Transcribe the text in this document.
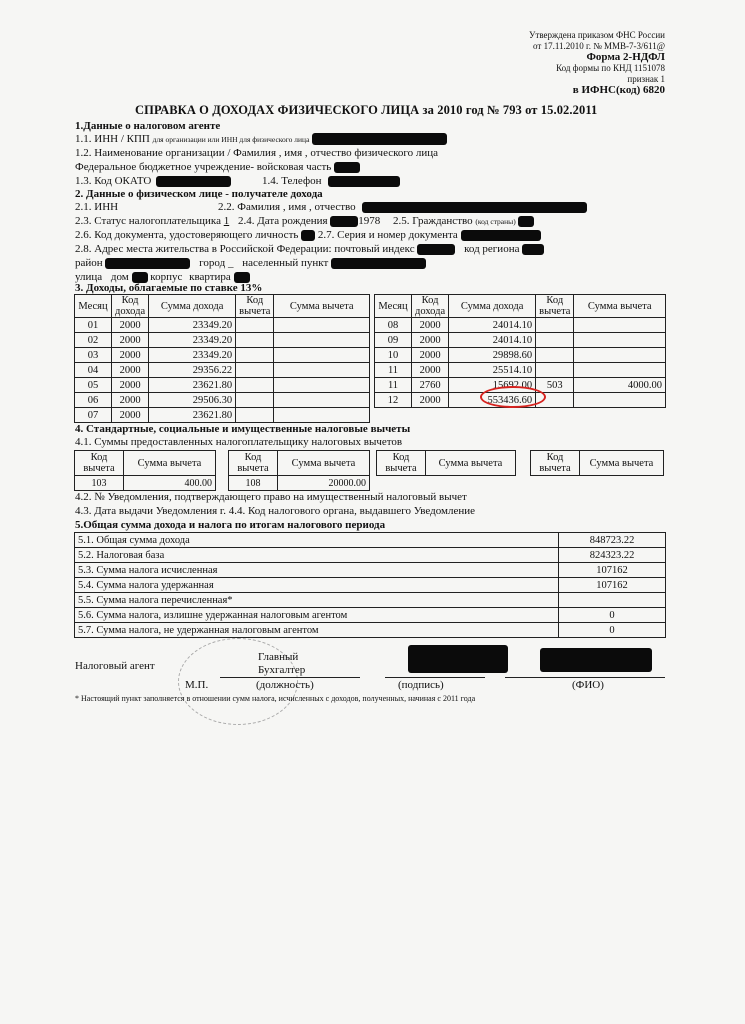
Утверждена приказом ФНС России
от 17.11.2010 г. № ММВ-7-3/611@
Форма 2-НДФЛ
Код формы по КНД 1151078
признак 1
в ИФНС(код) 6820
СПРАВКА О ДОХОДАХ ФИЗИЧЕСКОГО ЛИЦА за 2010 год № 793 от 15.02.2011
1.Данные о налоговом агенте
1.1. ИНН / КПП для организации или ИНН для физического лица
1.2. Наименование организации / Фамилия , имя , отчество физического лица
Федеральное бюджетное учреждение- войсковая часть
1.3. Код ОКАТО	1.4. Телефон
2. Данные о физическом лице - получателе дохода
2.1. ИНН	2.2. Фамилия , имя , отчество
2.3. Статус налогоплательщика 1 2.4. Дата рождения	1978 2.5. Гражданство (код страны)
2.6. Код документа, удостоверяющего личность 2.7. Серия и номер документа
2.8. Адрес места жительства в Российской Федерации: почтовый индекс	код региона
район	город _ населенный пункт
улица дом корпус квартира
3. Доходы, облагаемые по ставке 13%
Месяц	Код дохода	Сумма дохода	Код вычета	Сумма вычета
01	2000	23349.20		
02	2000	23349.20		
03	2000	23349.20		
04	2000	29356.22		
05	2000	23621.80		
06	2000	29506.30		
07	2000	23621.80		
Месяц	Код дохода	Сумма дохода	Код вычета	Сумма вычета
08	2000	24014.10		
09	2000	24014.10		
10	2000	29898.60		
11	2000	25514.10		
11	2760	15692.00	503	4000.00
12	2000	553436.60		
4. Стандартные, социальные и имущественные налоговые вычеты
4.1. Суммы предоставленных налогоплательщику налоговых вычетов
Код вычета	Сумма вычета
103	400.00
Код вычета	Сумма вычета
108	20000.00
Код вычета	Сумма вычета	Код вычета	Сумма вычета
4.2. № Уведомления, подтверждающего право на имущественный налоговый вычет
4.3. Дата выдачи Уведомления г. 4.4. Код налогового органа, выдавшего Уведомление
5.Общая сумма дохода и налога по итогам налогового периода
5.1. Общая сумма дохода	848723.22
5.2. Налоговая база	824323.22
5.3. Сумма налога исчисленная	107162
5.4. Сумма налога удержанная	107162
5.5. Сумма налога перечисленная*	
5.6. Сумма налога, излишне удержанная налоговым агентом	0
5.7. Сумма налога, не удержанная налоговым агентом	0
Налоговый агент
Главный
Бухгалтер
М.П.	(должность)	(подпись)	(ФИО)
* Настоящий пункт заполняется в отношении сумм налога, исчисленных с доходов, полученных, начиная с 2011 года
